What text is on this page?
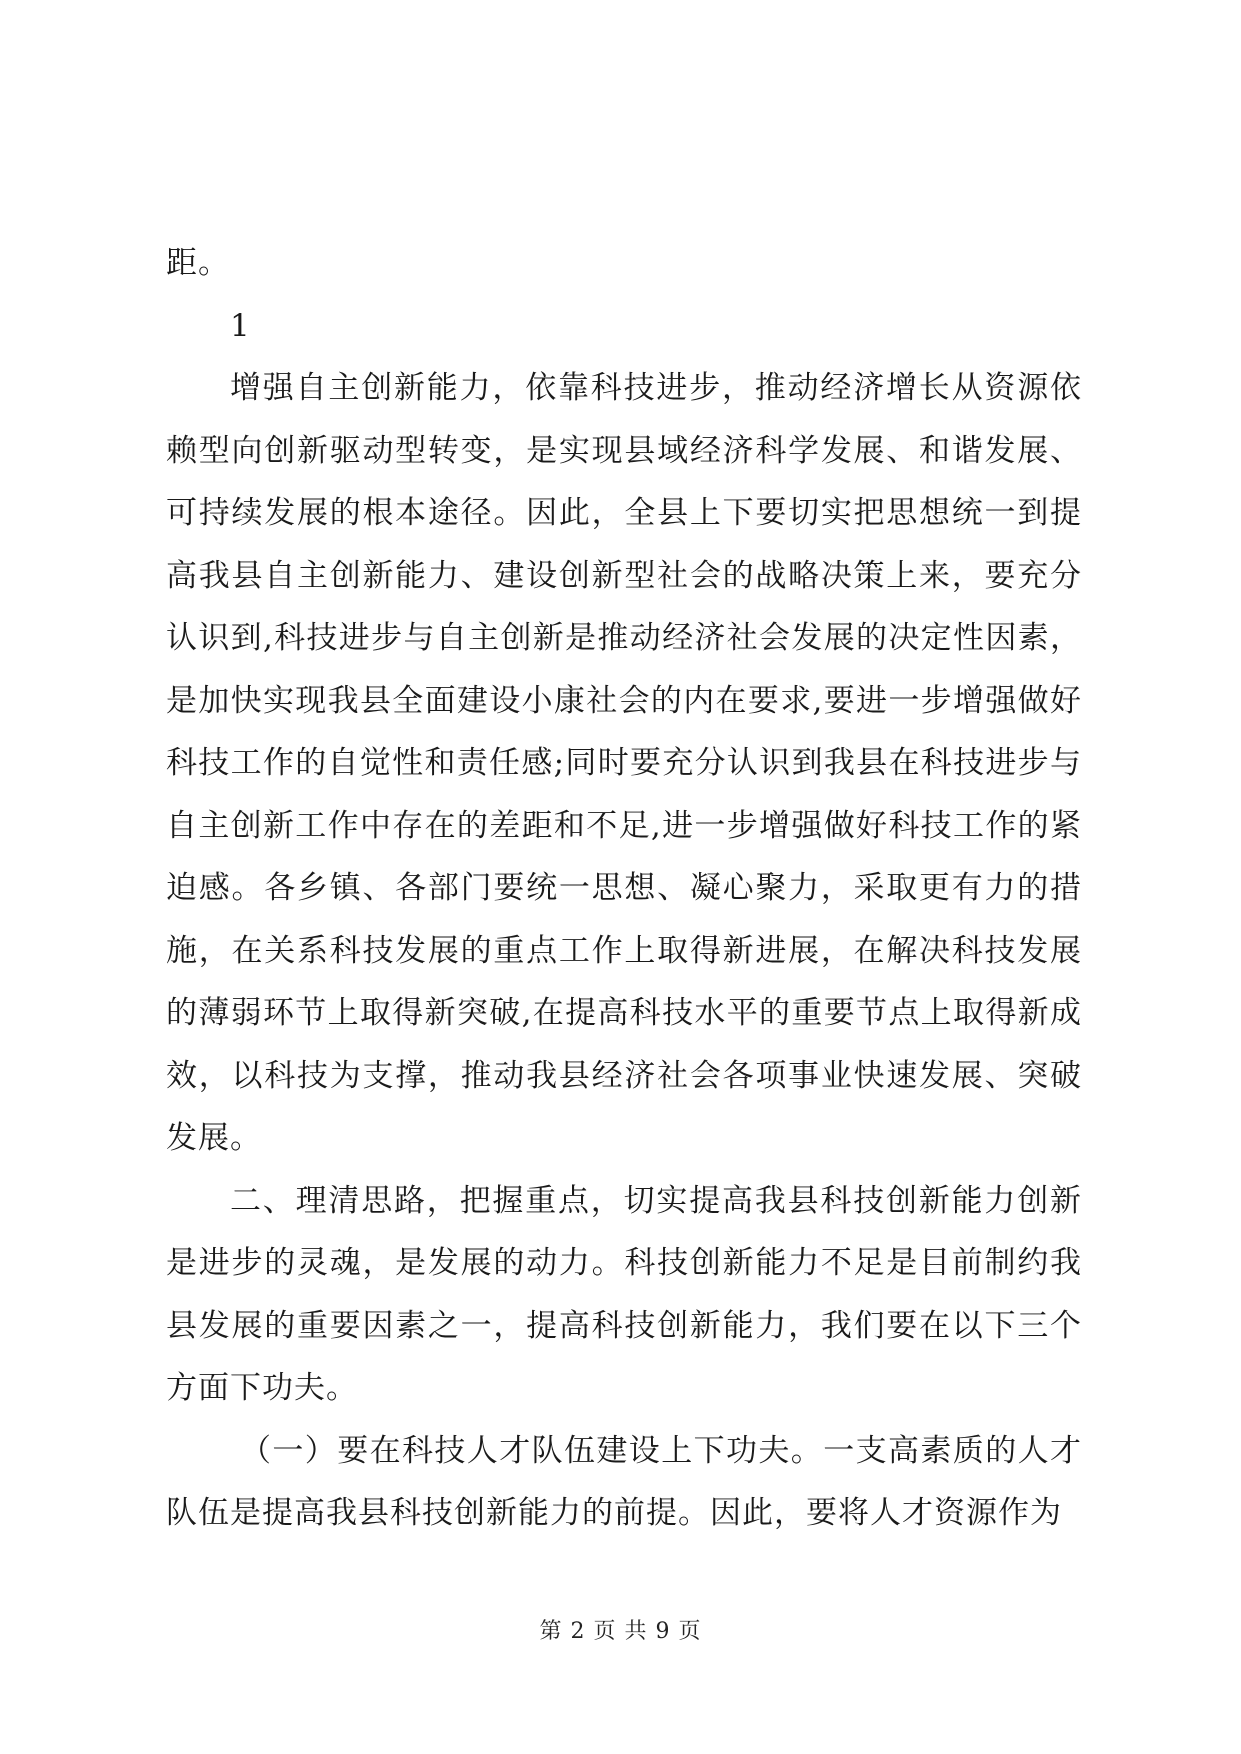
距。

1

增强自主创新能力，依靠科技进步，推动经济增长从资源依赖型向创新驱动型转变，是实现县域经济科学发展、和谐发展、可持续发展的根本途径。因此，全县上下要切实把思想统一到提高我县自主创新能力、建设创新型社会的战略决策上来，要充分认识到,科技进步与自主创新是推动经济社会发展的决定性因素，是加快实现我县全面建设小康社会的内在要求,要进一步增强做好科技工作的自觉性和责任感;同时要充分认识到我县在科技进步与自主创新工作中存在的差距和不足,进一步增强做好科技工作的紧迫感。各乡镇、各部门要统一思想、凝心聚力，采取更有力的措施，在关系科技发展的重点工作上取得新进展，在解决科技发展的薄弱环节上取得新突破,在提高科技水平的重要节点上取得新成效，以科技为支撑，推动我县经济社会各项事业快速发展、突破发展。

二、理清思路，把握重点，切实提高我县科技创新能力创新是进步的灵魂，是发展的动力。科技创新能力不足是目前制约我县发展的重要因素之一，提高科技创新能力，我们要在以下三个方面下功夫。

（一）要在科技人才队伍建设上下功夫。一支高素质的人才队伍是提高我县科技创新能力的前提。因此，要将人才资源作为

第 2 页 共 9 页
